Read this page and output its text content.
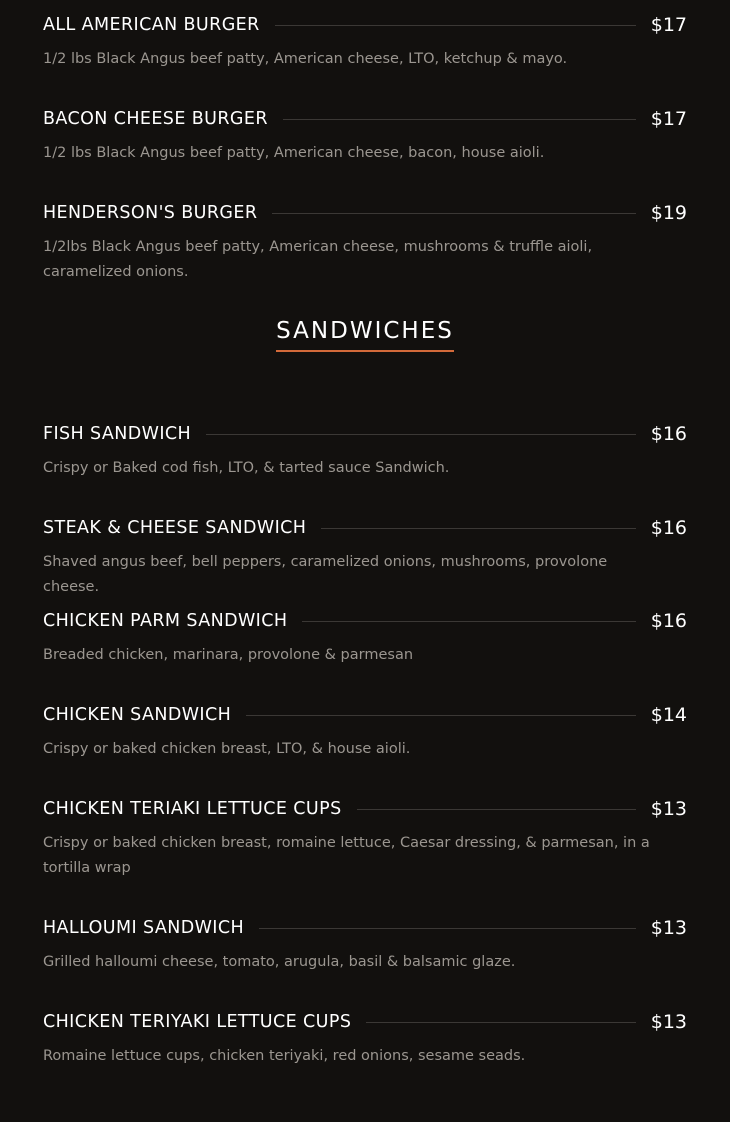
ALL AMERICAN BURGER	$17
1/2 lbs Black Angus beef patty, American cheese, LTO, ketchup & mayo.
BACON CHEESE BURGER	$17
1/2 lbs Black Angus beef patty, American cheese, bacon, house aioli.
HENDERSON'S BURGER	$19
1/2lbs Black Angus beef patty, American cheese, mushrooms & truffle aioli, caramelized onions.
SANDWICHES
FISH SANDWICH	$16
Crispy or Baked cod fish, LTO, & tarted sauce Sandwich.
STEAK & CHEESE SANDWICH	$16
Shaved angus beef, bell peppers, caramelized onions, mushrooms, provolone cheese.
CHICKEN PARM SANDWICH	$16
Breaded chicken, marinara, provolone & parmesan
CHICKEN SANDWICH	$14
Crispy or baked chicken breast, LTO, & house aioli.
CHICKEN TERIAKI LETTUCE CUPS	$13
Crispy or baked chicken breast, romaine lettuce, Caesar dressing, & parmesan, in a tortilla wrap
HALLOUMI SANDWICH	$13
Grilled halloumi cheese, tomato, arugula, basil & balsamic glaze.
CHICKEN TERIYAKI LETTUCE CUPS	$13
Romaine lettuce cups, chicken teriyaki, red onions, sesame seads.
